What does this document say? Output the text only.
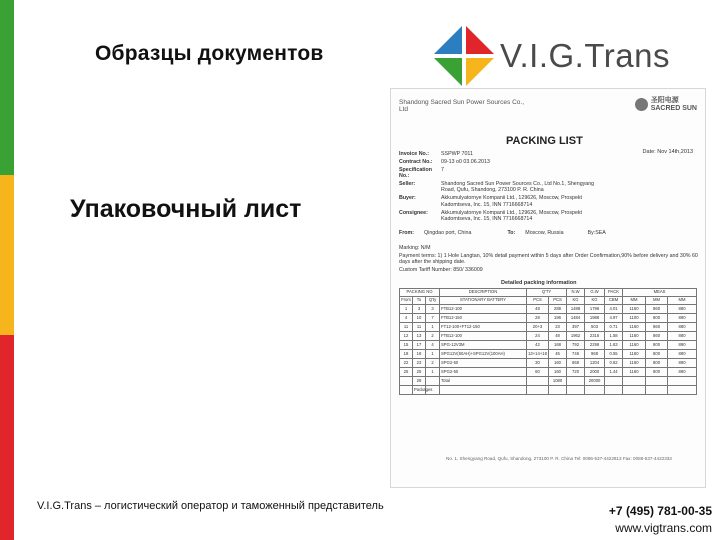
Образцы документов	V.I.G.Trans
Упаковочный лист
Shandong Sacred Sun Power Sources Co., Ltd
圣阳电源
SACRED SUN
PACKING LIST
Date: Nov 14th,2013
Invoice No.:	SSPWP 7011
Contract No.:	09-13 о0 03.06.2013
Specification No.:
7
Seller:	Shandong Sacred Sun Power Sources Co., Ltd No.1, Shengyang Road, Qufu, Shandong, 273100 P. R. China
Buyer:	Akkumulyatornye Kompanii Ltd., 129626, Moscow, Prospekt Kadomtseva, Inc. 15, INN 7716668714
Consignee:	Akkumulyatornye Kompanii Ltd., 129626, Moscow, Prospekt Kadomtseva, Inc. 15, INN 7716668714
From: Qingdao port, China	To: Moscow, Russia	By:SEA
Marking: N/M
Payment terms: 1) 1 Hole Langtan, 10% detail payment within 5 days after Order Confirmation,90% before delivery and 30% 60 days after the shipping date.
Custom Tariff Number: 850/ 336009
Detailed packing information
PACKING NO			DESCRIPTION	Q'TY		N.W	G.W	PACK	MEAS		
From	To	Q'ty	STATIONARY BATTERY	PCS	PCS	KG	KG	CBM	MM	MM	MM
1	3	3	FTB12-100	48	288	1488	1796	4.01	1160	860	880
4	10	7	FTB12-150	28	196	1484	1988	4.97	1100	800	890
11	11	1	FT12-100+FT12-150	20+3	23	397	503	0.71	1160	860	880
12	13	2	FTB12-100	24	48	1962	2316	1.58	1160	860	880
15	17	4	SPG-12V3M	42	168	792	2298	1.63	1160	800	890
18	18	1	SPG12V(50AH)+SPG12V(100AH)	13+14+18	45	746	968	0.55	1160	800	890
22	23	2	SPG2-50	30	160	668	1204	0.82	1160	800	890
25	25	1	SPG2-50	60	160	720	2000	1.44	1160	800	890
	28		Total		1080		20000				
	Packages										
No. 1, Shengyang Road, Qufu, Shandong, 273100 P. R. China Tel: 0086-537-4422813 Fax: 0086-537-4422333
V.I.G.Trans – логистический оператор и таможенный представитель	+7 (495) 781-00-35
www.vigtrans.com
